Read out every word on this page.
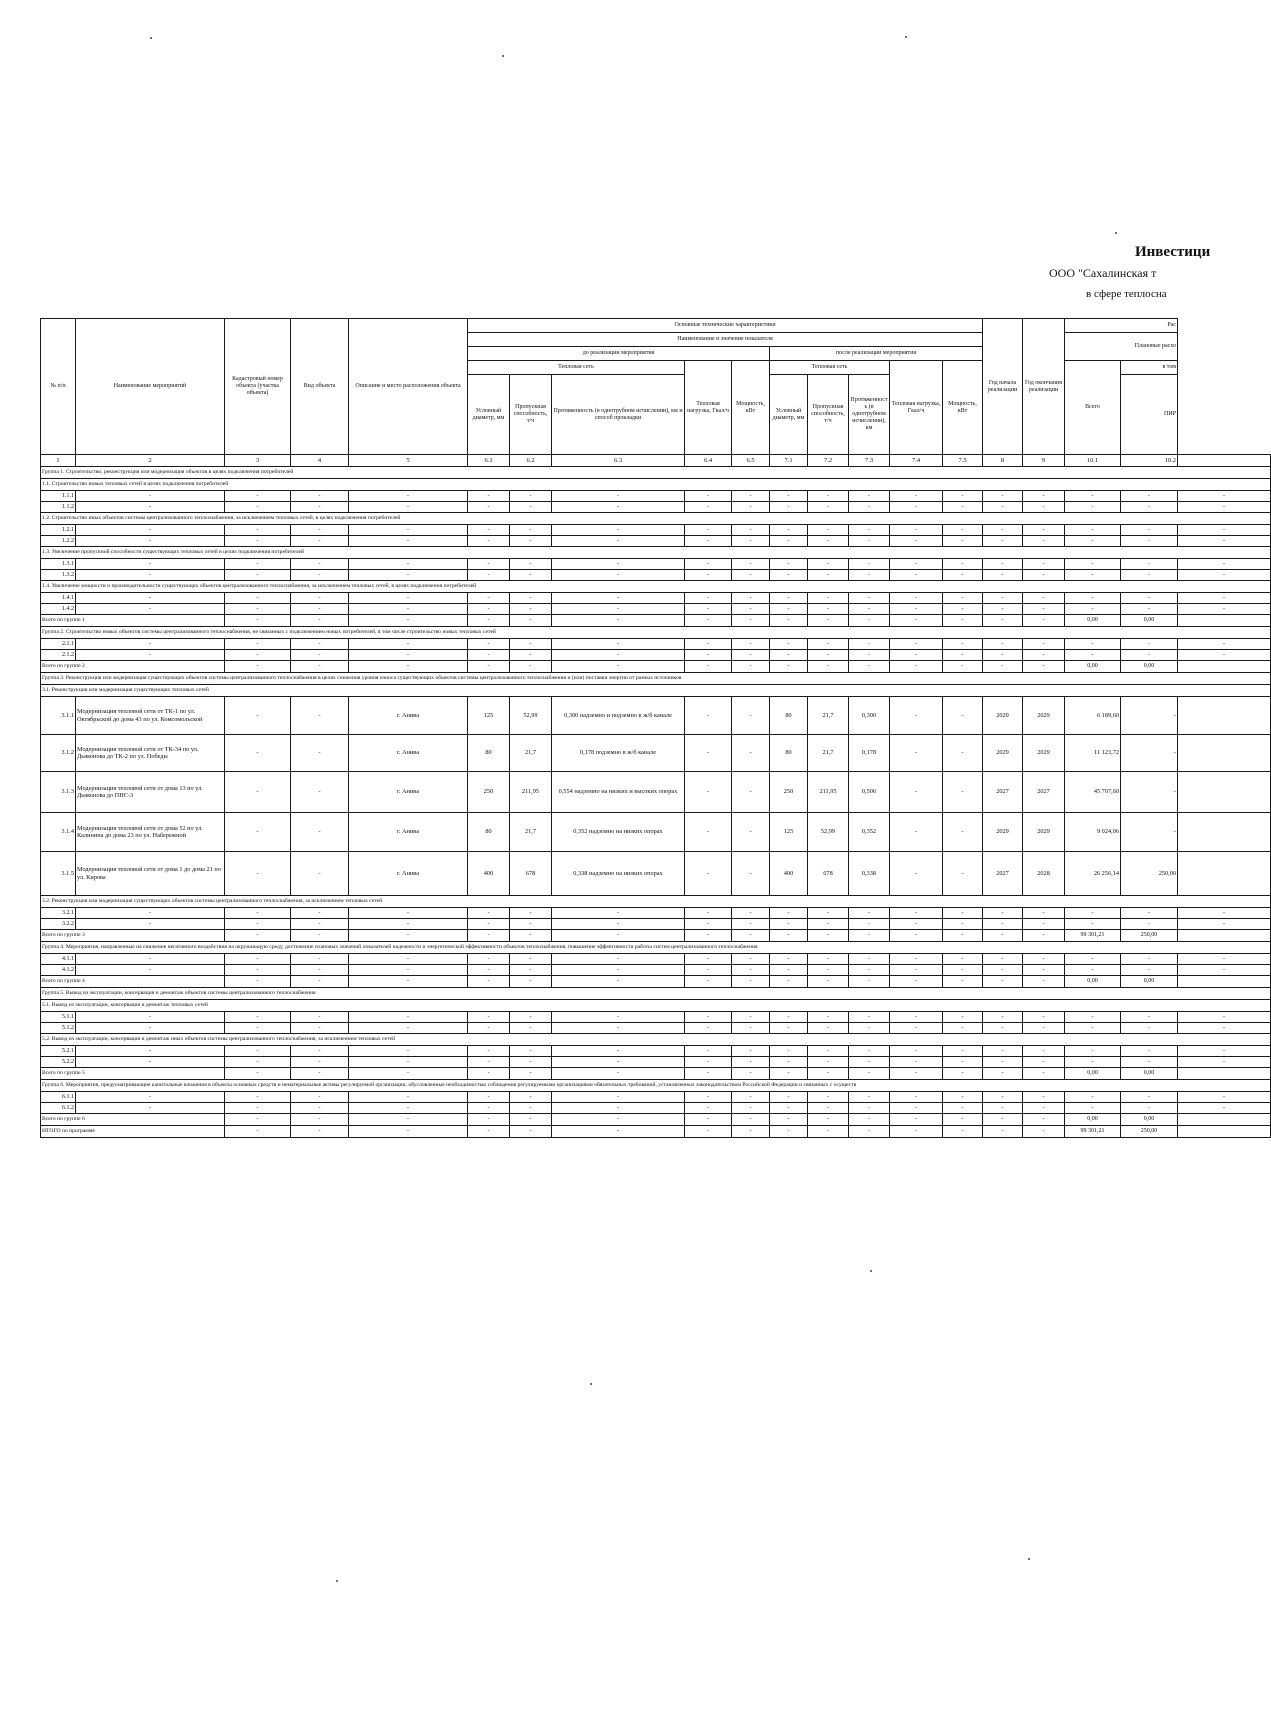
Инвестици
ООО "Сахалинская т
в сфере теплосна
№ п/п	Наименование мероприятий	Кадастровый номер объекта (участка объекта)	Вид объекта	Описание и место расположения объекта	Основные технические характеристики										Год начала реализации	Год окончания реализации	Рас		
					Наименование и значение показателя												Плановые расхо		
					до реализации мероприятия					после реализации мероприятия									
					Тепловая сеть			Тепловая нагрузка, Гкал/ч	Мощность, кВт	Тепловая сеть			Тепловая нагрузка, Гкал/ч	Мощность, кВт			Всего	в том	
					Условный диаметр, мм	Пропускная способность, т/ч	Протяженность (в однотрубном исчислении), км и способ прокладки			Условный диаметр, мм	Пропускная способность, т/ч	Протяженность (в однотрубном исчислении), км						ПИР	
1	2	3	4	5	6.1	6.2	6.3	6.4	6.5	7.1	7.2	7.3	7.4	7.5	8	9	10.1	10.2	
Группа 1. Строительство, реконструкция или модернизация объектов в целях подключения потребителей																			
1.1. Строительство новых тепловых сетей в целях подключения потребителей																			
1.1.1	-	-	-	-	-	-	-	-	-	-	-	-	-	-	-	-	-	-	-
1.1.2	-	-	-	-	-	-	-	-	-	-	-	-	-	-	-	-	-	-	-
1.2. Строительство иных объектов системы централизованного теплоснабжения, за исключением тепловых сетей, в целях подключения потребителей																			
1.2.1	-	-	-	-	-	-	-	-	-	-	-	-	-	-	-	-	-	-	-
1.2.2	-	-	-	-	-	-	-	-	-	-	-	-	-	-	-	-	-	-	-
1.3. Увеличение пропускной способности существующих тепловых сетей в целях подключения потребителей																			
1.3.1	-	-	-	-	-	-	-	-	-	-	-	-	-	-	-	-	-	-	-
1.3.2	-	-	-	-	-	-	-	-	-	-	-	-	-	-	-	-	-	-	-
1.4. Увеличение мощности и производительности существующих объектов централизованного теплоснабжения, за исключением тепловых сетей, в целях подключения потребителей																			
1.4.1	-	-	-	-	-	-	-	-	-	-	-	-	-	-	-	-	-	-	-
1.4.2	-	-	-	-	-	-	-	-	-	-	-	-	-	-	-	-	-	-	-
Всего по группе 1		-	-	-	-	-	-	-	-	-	-	-	-	-	-	-	0,00	0,00	
Группа 2. Строительство новых объектов системы централизованного теплоснабжения, не связанных с подключением новых потребителей, в том числе строительство новых тепловых сетей																			
2.1.1	-	-	-	-	-	-	-	-	-	-	-	-	-	-	-	-	-	-	-
2.1.2	-	-	-	-	-	-	-	-	-	-	-	-	-	-	-	-	-	-	-
Всего по группе 2		-	-	-	-	-	-	-	-	-	-	-	-	-	-	-	0,00	0,00	
Группа 3. Реконструкция или модернизация существующих объектов системы централизованного теплоснабжения в целях снижения уровня износа существующих объектов системы централизованного теплоснабжения и (или) поставки энергии от разных источников																			
3.1. Реконструкция или модернизация существующих тепловых сетей																			
3.1.1	Модернизация тепловой сети от ТК-1 по ул. Октябрьской до дома 43 по ул. Комсомольской	-	-	г. Анива	125	52,99	0,300 надземно и подземно в ж/б канале	-	-	80	21,7	0,300	-	-	2029	2029	6 189,60	-	
3.1.2	Модернизация тепловой сети от ТК-34 по ул. Дьяконова до ТК-2 по ул. Победы	-	-	г. Анива	80	21,7	0,178 подземно в ж/б канале	-	-	80	21,7	0,178	-	-	2029	2029	11 123,72	-	
3.1.3	Модернизация тепловой сети от дома 13 по ул. Дьяконова до ПНС-3	-	-	г. Анива	250	211,95	0,554 надземно на низких и высоких опорах	-	-	250	211,95	0,506	-	-	2027	2027	45 707,60	-	
3.1.4	Модернизация тепловой сети от дома 52 по ул. Калинина до дома 23 по ул. Набережной	-	-	г. Анива	80	21,7	0,352 надземно на низких опорах	-	-	125	52,99	0,352	-	-	2029	2029	9 024,06	-	
3.1.5	Модернизация тепловой сети от дома 1 до дома 21 по ул. Кирова	-	-	г. Анива	400	678	0,338 надземно на низких опорах	-	-	400	678	0,338	-	-	2027	2028	26 256,14	250,00	
3.2. Реконструкция или модернизация существующих объектов системы централизованного теплоснабжения, за исключением тепловых сетей																			
3.2.1	-	-	-	-	-	-	-	-	-	-	-	-	-	-	-	-	-	-	-
3.2.2	-	-	-	-	-	-	-	-	-	-	-	-	-	-	-	-	-	-	-
Всего по группе 3		-	-	-	-	-	-	-	-	-	-	-	-	-	-	-	99 301,21	250,00	
Группа 4. Мероприятия, направленные на снижение негативного воздействия на окружающую среду, достижение плановых значений показателей надежности и энергетической эффективности объектов теплоснабжения, повышение эффективности работы систем централизованного теплоснабжения																			
4.1.1	-	-	-	-	-	-	-	-	-	-	-	-	-	-	-	-	-	-	-
4.1.2	-	-	-	-	-	-	-	-	-	-	-	-	-	-	-	-	-	-	-
Всего по группе 4		-	-	-	-	-	-	-	-	-	-	-	-	-	-	-	0,00	0,00	
Группа 5. Вывод из эксплуатации, консервация и демонтаж объектов системы централизованного теплоснабжения																			
5.1. Вывод из эксплуатации, консервация и демонтаж тепловых сетей																			
5.1.1	-	-	-	-	-	-	-	-	-	-	-	-	-	-	-	-	-	-	-
5.1.2	-	-	-	-	-	-	-	-	-	-	-	-	-	-	-	-	-	-	-
5.2. Вывод из эксплуатации, консервация и демонтаж иных объектов системы централизованного теплоснабжения, за исключением тепловых сетей																			
5.2.1	-	-	-	-	-	-	-	-	-	-	-	-	-	-	-	-	-	-	-
5.2.2	-	-	-	-	-	-	-	-	-	-	-	-	-	-	-	-	-	-	-
Всего по группе 5		-	-	-	-	-	-	-	-	-	-	-	-	-	-	-	0,00	0,00	
Группа 6. Мероприятия, предусматривающие капитальные вложения в объекты основных средств и нематериальные активы регулируемой организации, обусловленные необходимостью соблюдения регулируемыми организациями обязательных требований, установленных законодательством Российской Федерации и связанных с осуществ																			
6.1.1	-	-	-	-	-	-	-	-	-	-	-	-	-	-	-	-	-	-	-
6.1.2	-	-	-	-	-	-	-	-	-	-	-	-	-	-	-	-	-	-	-
Всего по группе 6		-	-	-	-	-	-	-	-	-	-	-	-	-	-	-	0,00	0,00	
ИТОГО по программе		-	-	-	-	-	-	-	-	-	-	-	-	-	-	-	99 301,21	250,00	
